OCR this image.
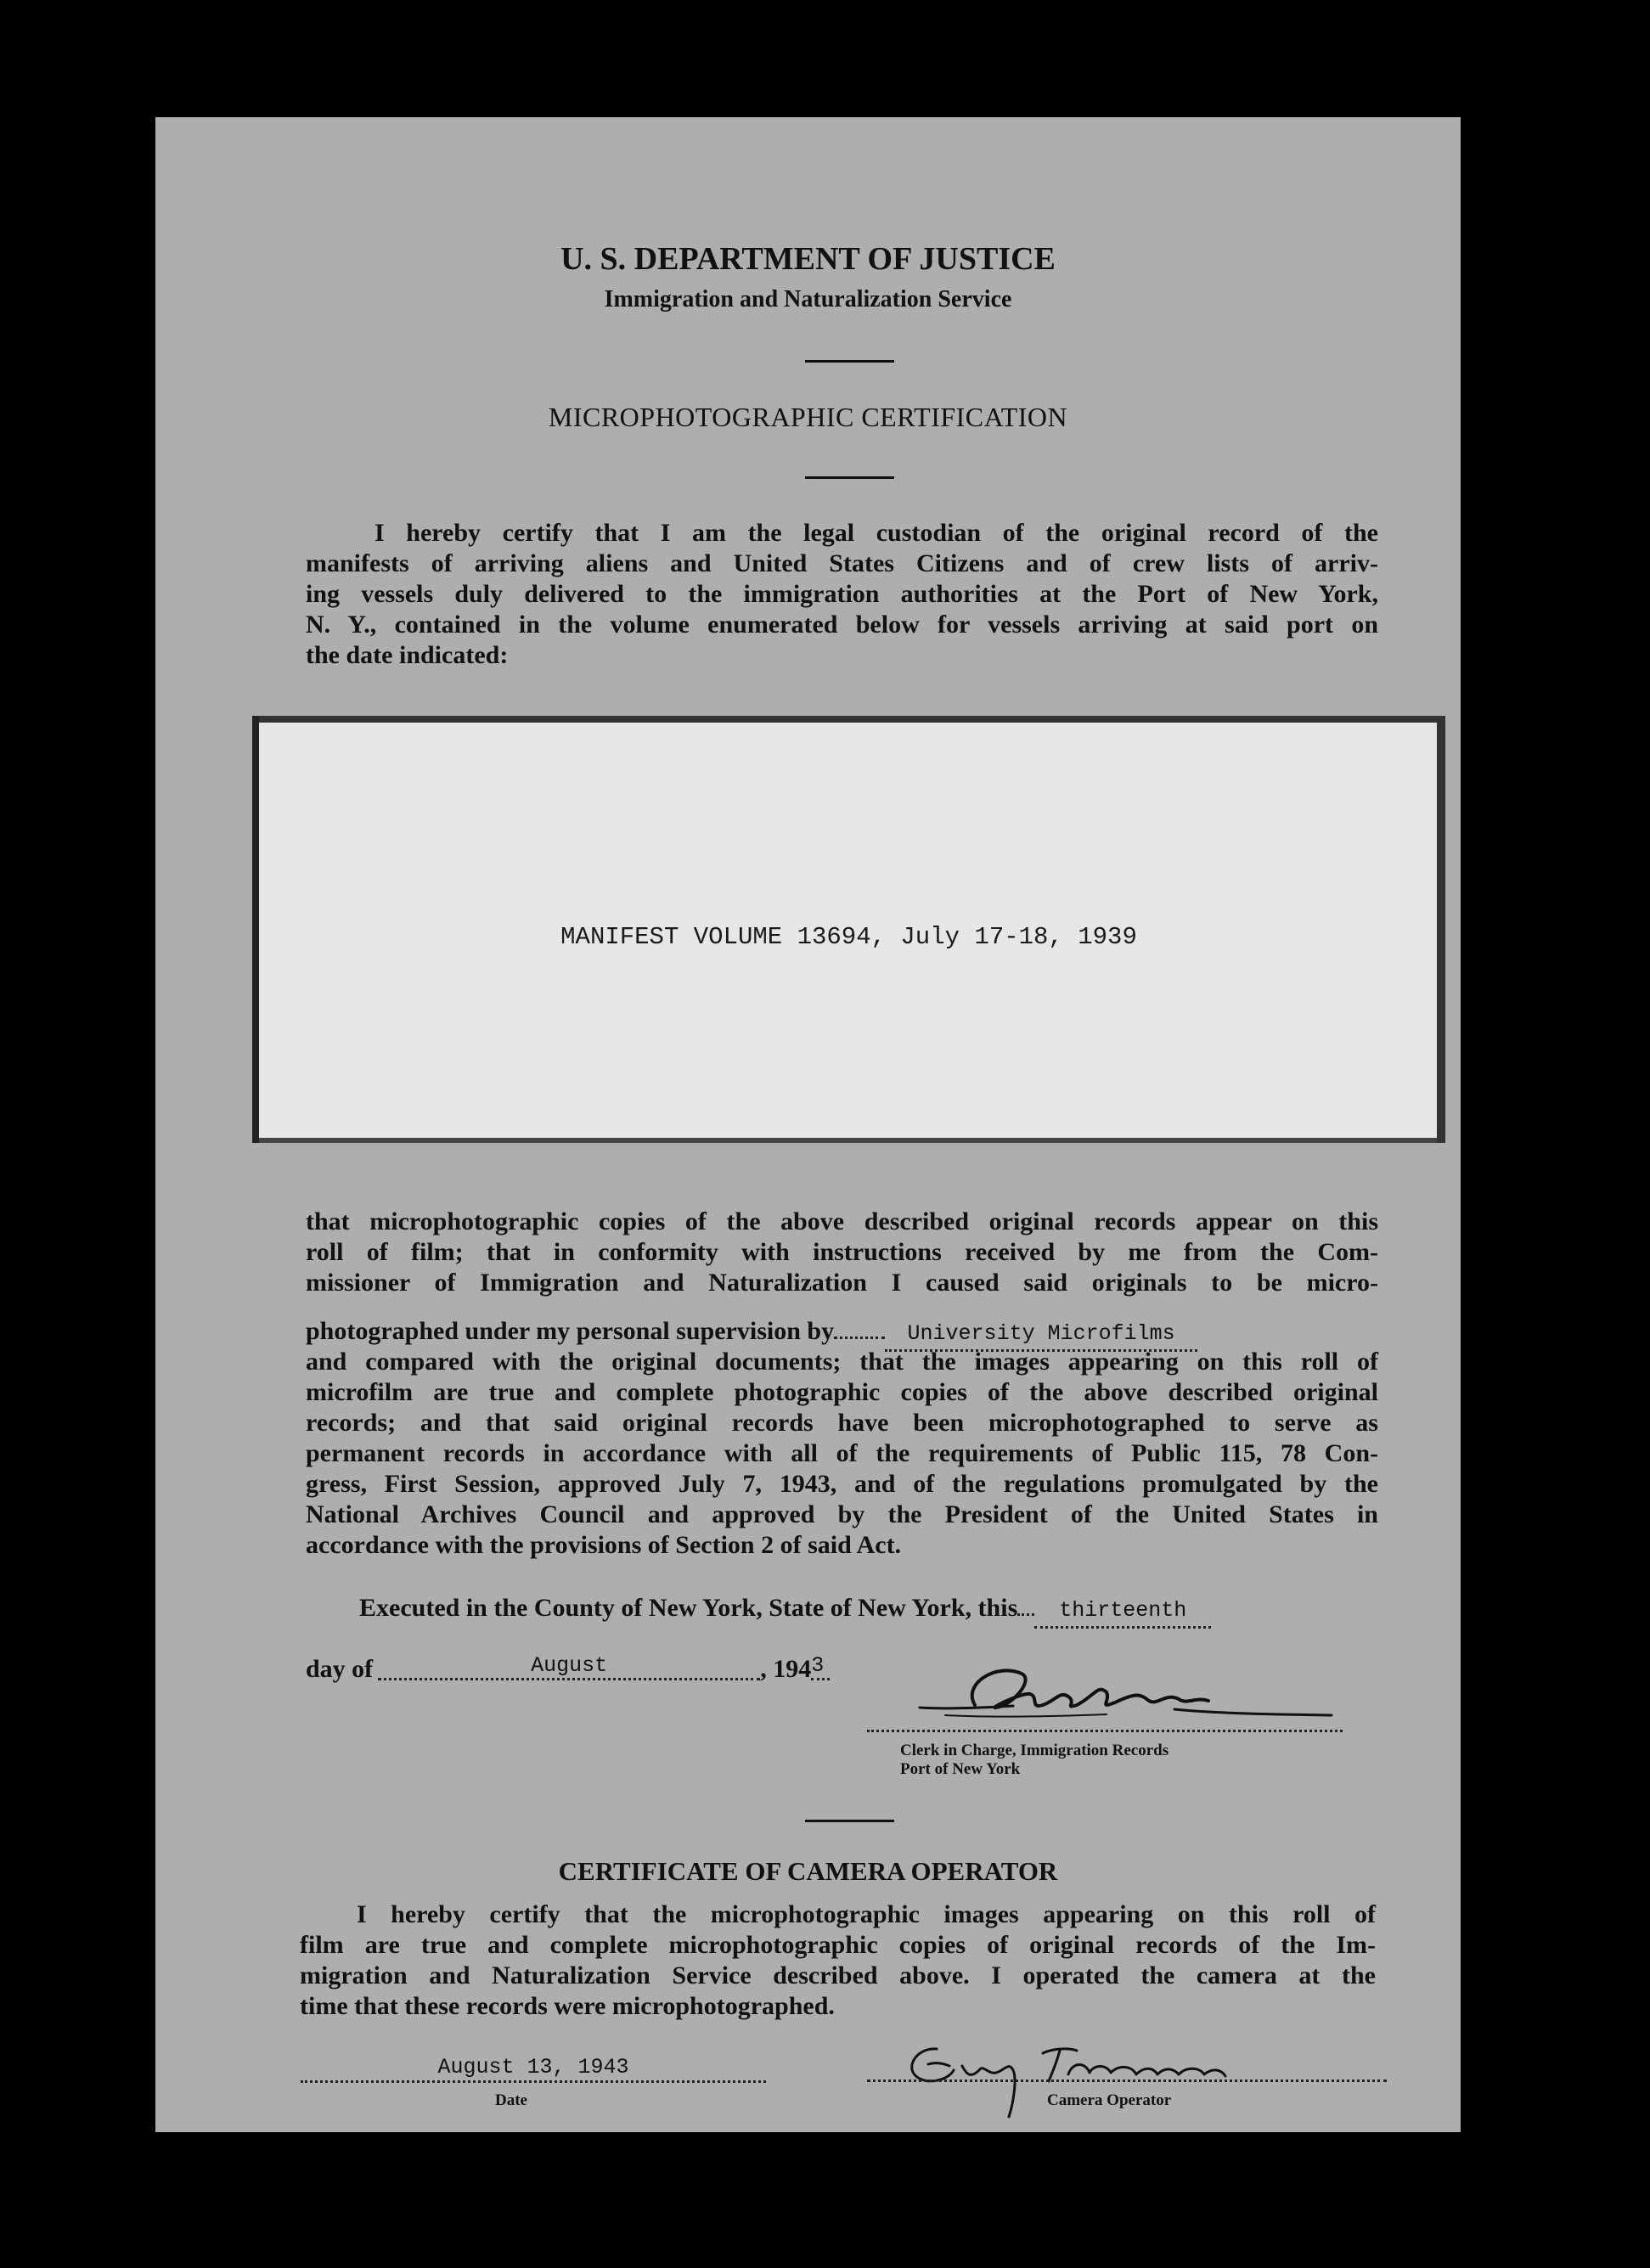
U. S. DEPARTMENT OF JUSTICE
Immigration and Naturalization Service
MICROPHOTOGRAPHIC CERTIFICATION
I hereby certify that I am the legal custodian of the original record of the
manifests of arriving aliens and United States Citizens and of crew lists of arriv-
ing vessels duly delivered to the immigration authorities at the Port of New York,
N. Y., contained in the volume enumerated below for vessels arriving at said port on
the date indicated:
MANIFEST VOLUME 13694, July 17-18, 1939
that microphotographic copies of the above described original records appear on this
roll of film; that in conformity with instructions received by me from the Com-
missioner of Immigration and Naturalization I caused said originals to be micro-
photographed under my personal supervision by	University Microfilms
and compared with the original documents; that the images appearing on this roll of
microfilm are true and complete photographic copies of the above described original
records; and that said original records have been microphotographed to serve as
permanent records in accordance with all of the requirements of Public 115, 78 Con-
gress, First Session, approved July 7, 1943, and of the regulations promulgated by the
National Archives Council and approved by the President of the United States in
accordance with the provisions of Section 2 of said Act.
Executed in the County of New York, State of New York, this thirteenth
day of	August	, 1943
Clerk in Charge, Immigration Records
Port of New York
CERTIFICATE OF CAMERA OPERATOR
I hereby certify that the microphotographic images appearing on this roll of
film are true and complete microphotographic copies of original records of the Im-
migration and Naturalization Service described above. I operated the camera at the
time that these records were microphotographed.
August 13, 1943
Date	Camera Operator
